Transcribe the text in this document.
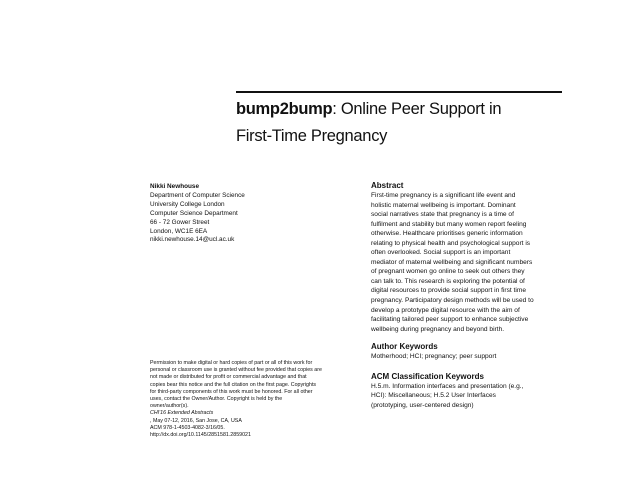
bump2bump: Online Peer Support in
First-Time Pregnancy
Nikki Newhouse
Department of Computer Science
University College London
Computer Science Department
66 - 72 Gower Street
London, WC1E 6EA
nikki.newhouse.14@ucl.ac.uk

Abstract

First-time pregnancy is a significant life event and
holistic maternal wellbeing is important. Dominant
social narratives state that pregnancy is a time of
fulfilment and stability but many women report feeling
otherwise. Healthcare prioritises generic information
relating to physical health and psychological support is
often overlooked. Social support is an important
mediator of maternal wellbeing and significant numbers
of pregnant women go online to seek out others they
can talk to. This research is exploring the potential of
digital resources to provide social support in first time
pregnancy. Participatory design methods will be used to
develop a prototype digital resource with the aim of
facilitating tailored peer support to enhance subjective
wellbeing during pregnancy and beyond birth.

Author Keywords

Motherhood; HCI; pregnancy; peer support

ACM Classification Keywords

H.5.m. Information interfaces and presentation (e.g.,
HCI): Miscellaneous; H.5.2 User Interfaces
(prototyping, user-centered design)

Permission to make digital or hard copies of part or all of this work for
personal or classroom use is granted without fee provided that copies are
not made or distributed for profit or commercial advantage and that
copies bear this notice and the full citation on the first page. Copyrights
for third-party components of this work must be honored. For all other
uses, contact the Owner/Author. Copyright is held by the
owner/author(s).
CHI'16 Extended Abstracts
, May 07-12, 2016, San Jose, CA, USA
ACM 978-1-4503-4082-3/16/05.
http://dx.doi.org/10.1145/2851581.2859021
